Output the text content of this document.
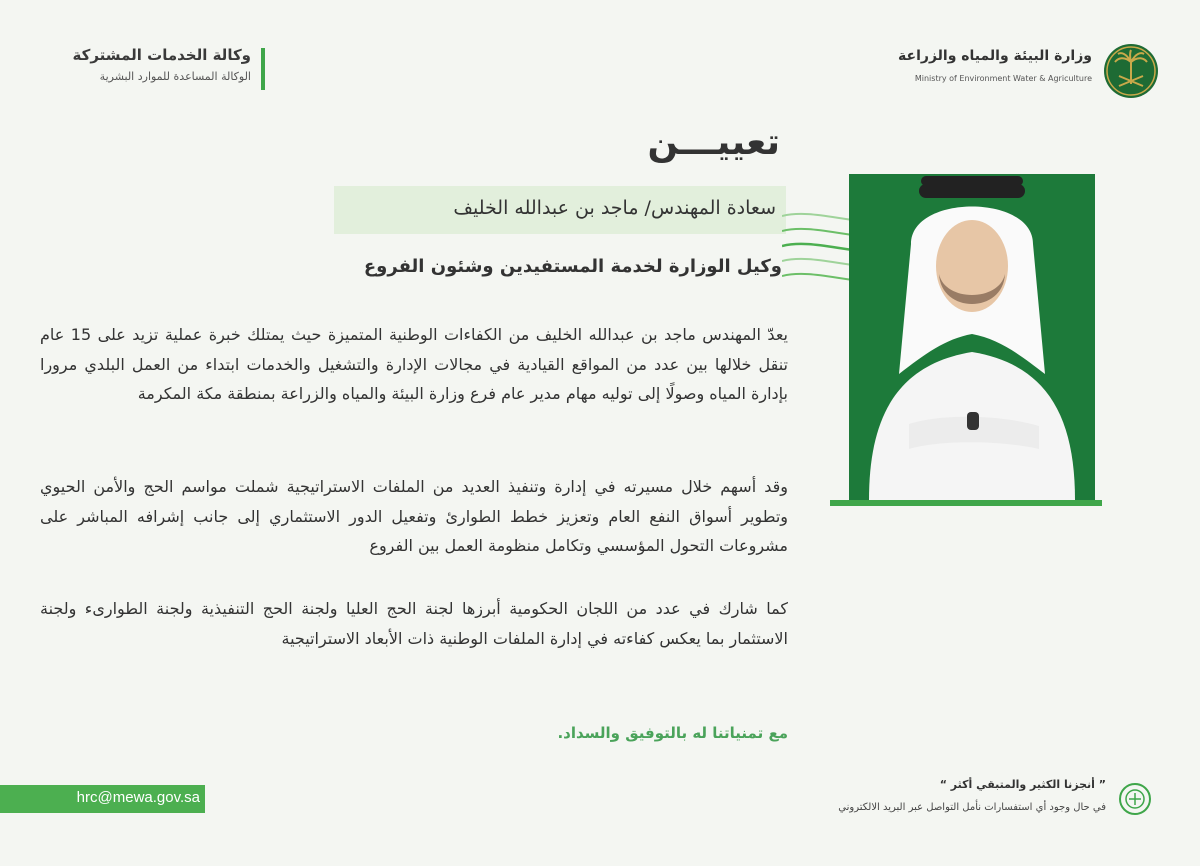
وكالة الخدمات المشتركة
الوكالة المساعدة للموارد البشرية
وزارة البيئة والمياه والزراعة
Ministry of Environment Water & Agriculture
تعييـــن
سعادة المهندس/ ماجد بن عبدالله الخليف
وكيل الوزارة لخدمة المستفيدين وشئون الفروع

يعدّ المهندس ماجد بن عبدالله الخليف من الكفاءات الوطنية المتميزة حيث يمتلك خبرة عملية تزيد على 15 عام تنقل خلالها بين عدد من المواقع القيادية في مجالات الإدارة والتشغيل والخدمات ابتداء من العمل البلدي مرورا بإدارة المياه وصولًا إلى توليه مهام مدير عام فرع وزارة البيئة والمياه والزراعة بمنطقة مكة المكرمة

وقد أسهم خلال مسيرته في إدارة وتنفيذ العديد من الملفات الاستراتيجية شملت مواسم الحج والأمن الحيوي وتطوير أسواق النفع العام وتعزيز خطط الطوارئ وتفعيل الدور الاستثماري إلى جانب إشرافه المباشر على مشروعات التحول المؤسسي وتكامل منظومة العمل بين الفروع

كما شارك في عدد من اللجان الحكومية أبرزها لجنة الحج العليا ولجنة الحج التنفيذية ولجنة الطوارىء ولجنة الاستثمار بما يعكس كفاءته في إدارة الملفات الوطنية ذات الأبعاد الاستراتيجية

مع تمنياتنا له بالتوفيق والسداد.
hrc@mewa.gov.sa
” أنجزنا الكثير والمتبقي أكثر “
في حال وجود أي استفسارات نأمل التواصل عبر البريد الالكتروني
